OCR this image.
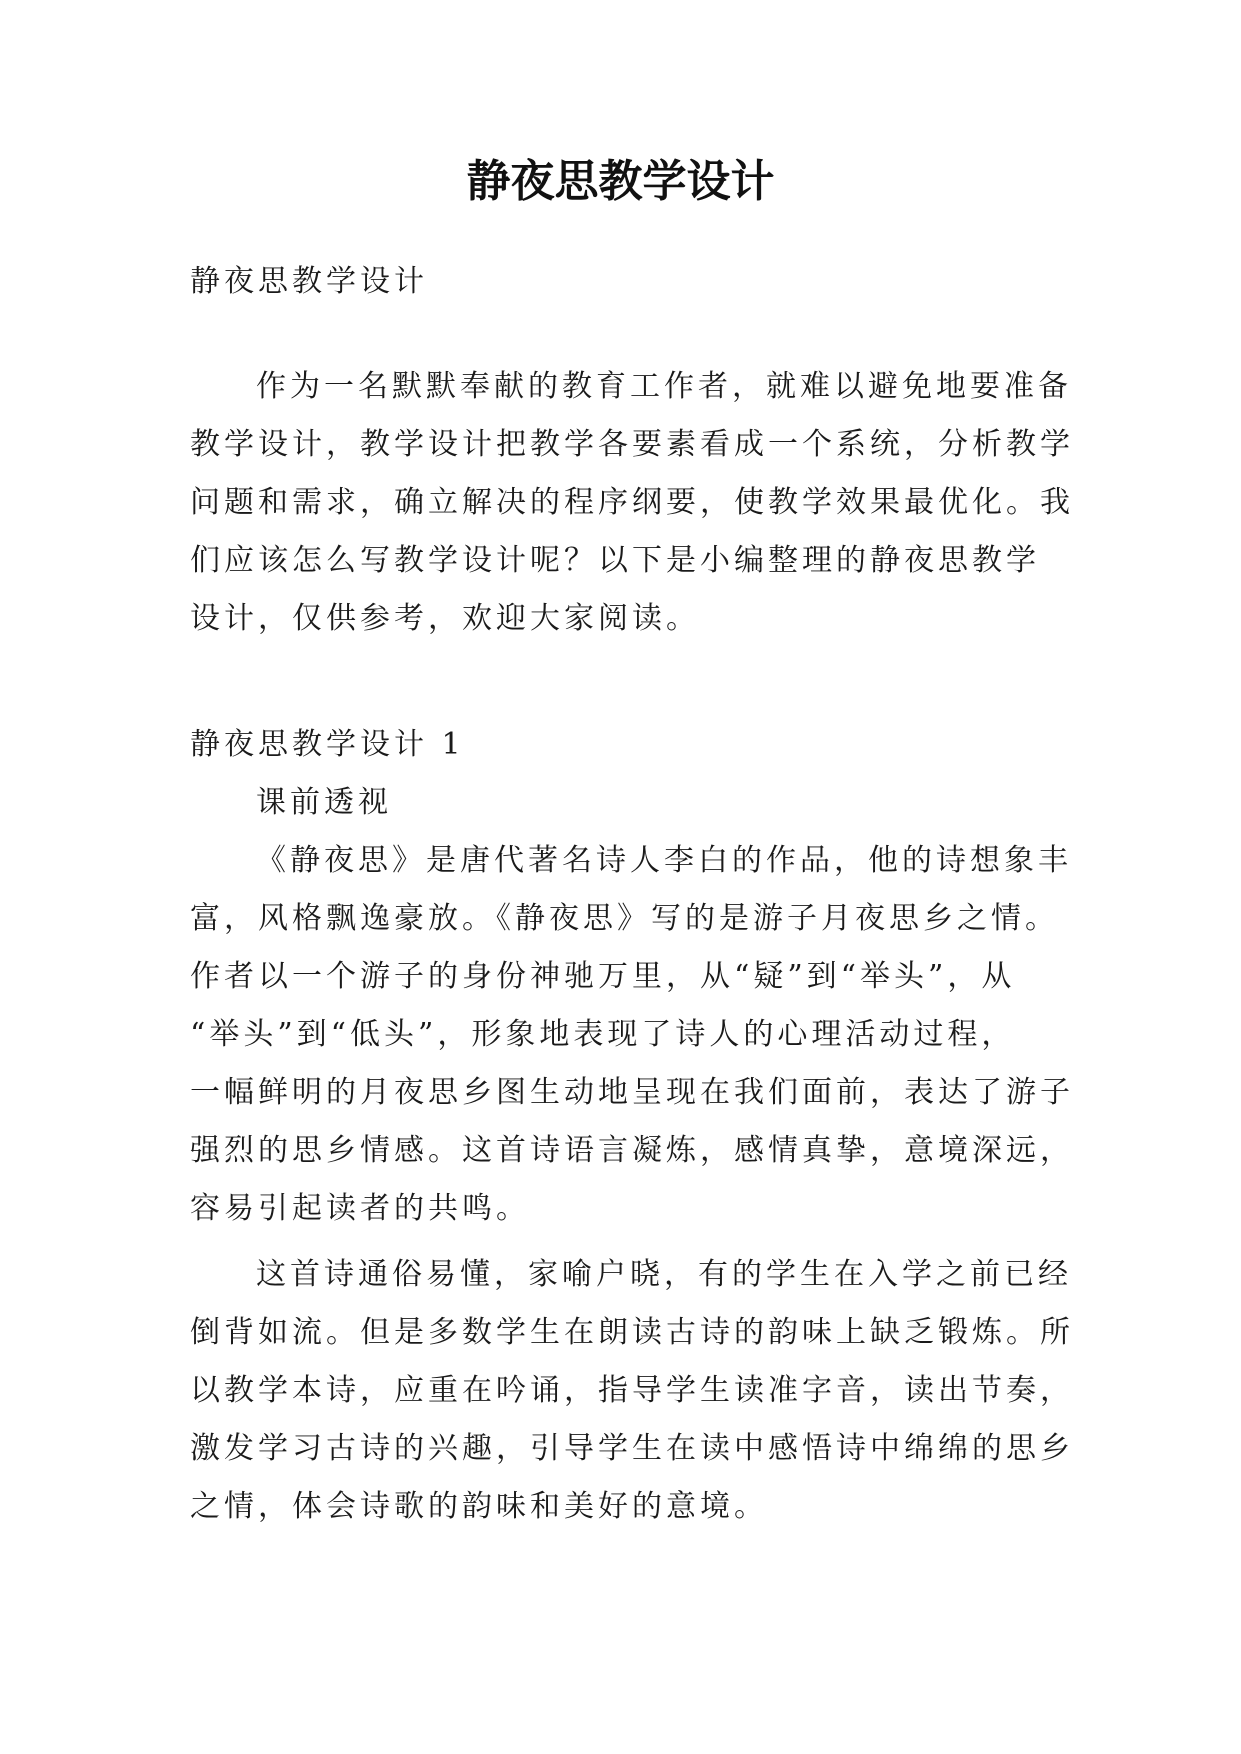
静夜思教学设计

静夜思教学设计

作为一名默默奉献的教育工作者，就难以避免地要准备
教学设计，教学设计把教学各要素看成一个系统，分析教学
问题和需求，确立解决的程序纲要，使教学效果最优化。我
们应该怎么写教学设计呢？以下是小编整理的静夜思教学
设计，仅供参考，欢迎大家阅读。

静夜思教学设计 1

课前透视

《静夜思》是唐代著名诗人李白的作品，他的诗想象丰
富，风格飘逸豪放。《静夜思》写的是游子月夜思乡之情。
作者以一个游子的身份神驰万里，从“疑”到“举头”，从
“举头”到“低头”，形象地表现了诗人的心理活动过程，
一幅鲜明的月夜思乡图生动地呈现在我们面前，表达了游子
强烈的思乡情感。这首诗语言凝炼，感情真挚，意境深远，
容易引起读者的共鸣。

这首诗通俗易懂，家喻户晓，有的学生在入学之前已经
倒背如流。但是多数学生在朗读古诗的韵味上缺乏锻炼。所
以教学本诗，应重在吟诵，指导学生读准字音，读出节奏，
激发学习古诗的兴趣，引导学生在读中感悟诗中绵绵的思乡
之情，体会诗歌的韵味和美好的意境。
